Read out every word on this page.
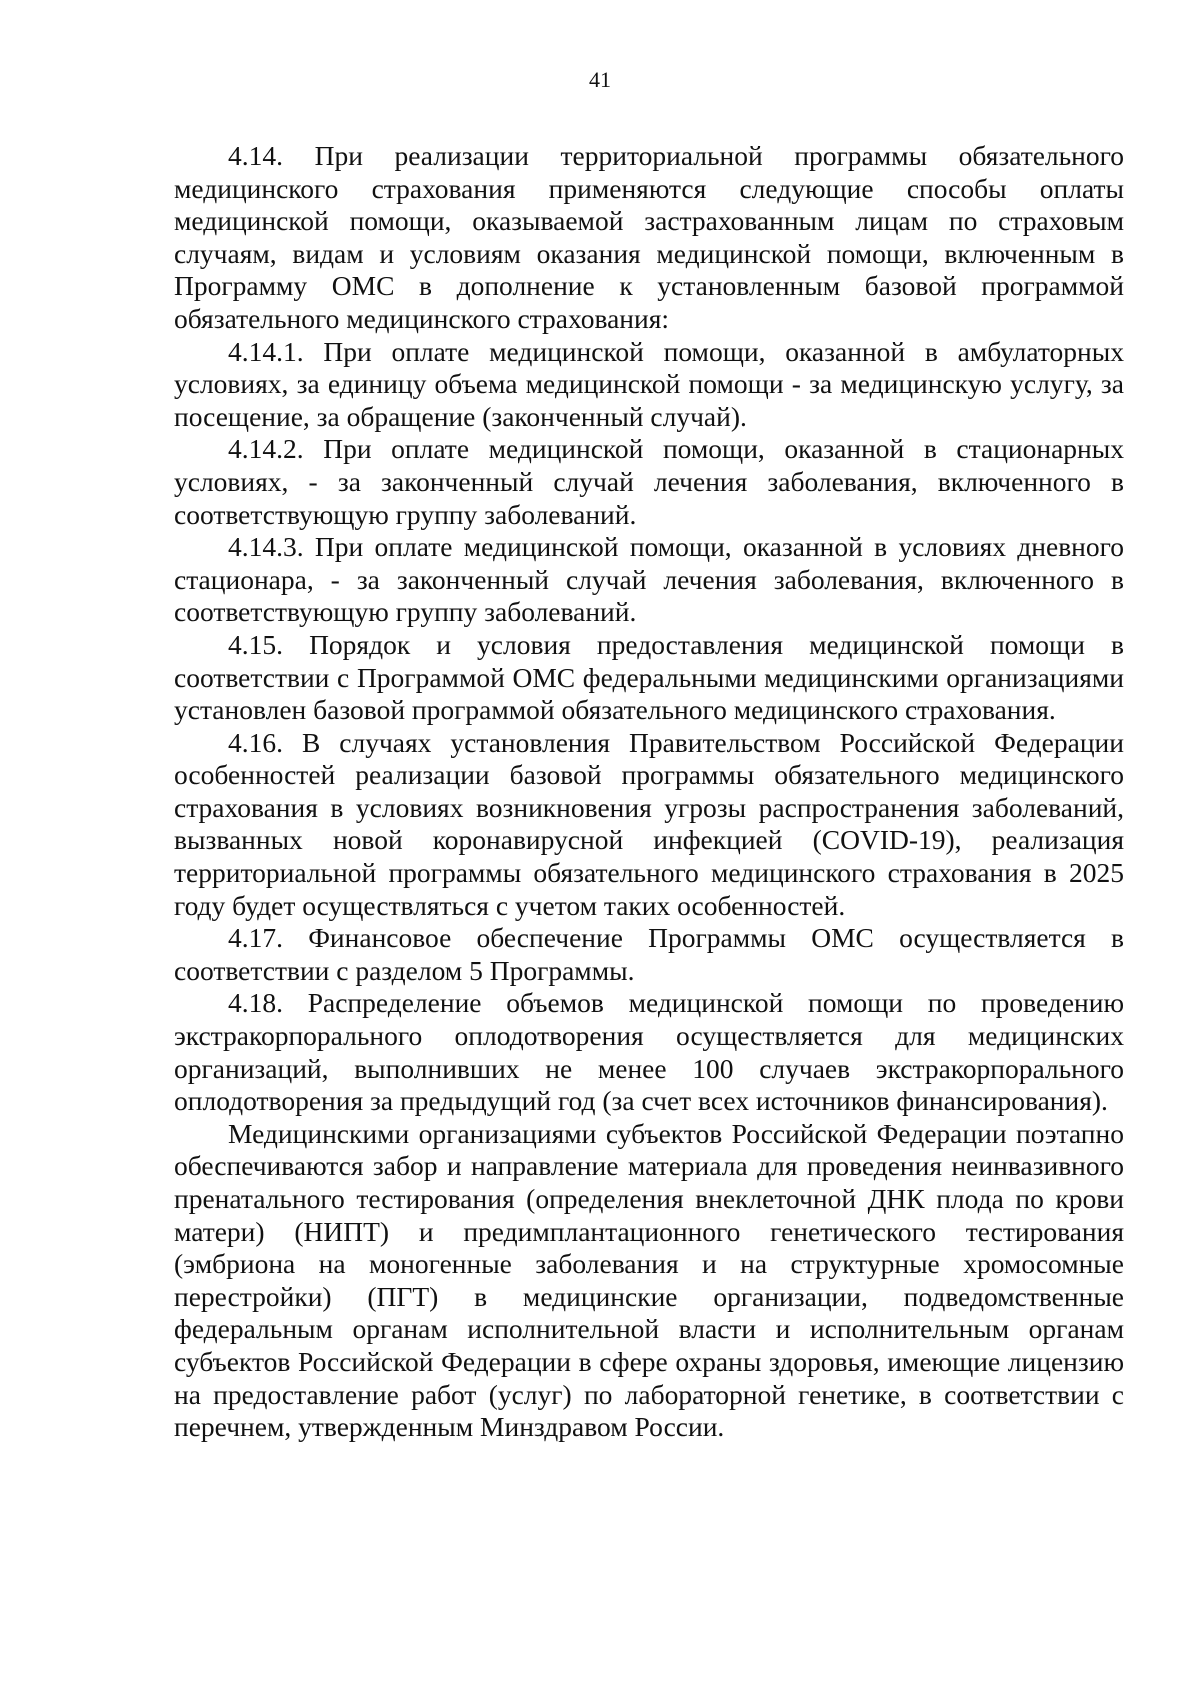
41

4.14. При реализации территориальной программы обязательного медицинского страхования применяются следующие способы оплаты медицинской помощи, оказываемой застрахованным лицам по страховым случаям, видам и условиям оказания медицинской помощи, включенным в Программу ОМС в дополнение к установленным базовой программой обязательного медицинского страхования:

4.14.1. При оплате медицинской помощи, оказанной в амбулаторных условиях, за единицу объема медицинской помощи - за медицинскую услугу, за посещение, за обращение (законченный случай).

4.14.2. При оплате медицинской помощи, оказанной в стационарных условиях, - за законченный случай лечения заболевания, включенного в соответствующую группу заболеваний.

4.14.3. При оплате медицинской помощи, оказанной в условиях дневного стационара, - за законченный случай лечения заболевания, включенного в соответствующую группу заболеваний.

4.15. Порядок и условия предоставления медицинской помощи в соответствии с Программой ОМС федеральными медицинскими организациями установлен базовой программой обязательного медицинского страхования.

4.16. В случаях установления Правительством Российской Федерации особенностей реализации базовой программы обязательного медицинского страхования в условиях возникновения угрозы распространения заболеваний, вызванных новой коронавирусной инфекцией (COVID-19), реализация территориальной программы обязательного медицинского страхования в 2025 году будет осуществляться с учетом таких особенностей.

4.17. Финансовое обеспечение Программы ОМС осуществляется в соответствии с разделом 5 Программы.

4.18. Распределение объемов медицинской помощи по проведению экстракорпорального оплодотворения осуществляется для медицинских организаций, выполнивших не менее 100 случаев экстракорпорального оплодотворения за предыдущий год (за счет всех источников финансирования).

Медицинскими организациями субъектов Российской Федерации поэтапно обеспечиваются забор и направление материала для проведения неинвазивного пренатального тестирования (определения внеклеточной ДНК плода по крови матери) (НИПТ) и предимплантационного генетического тестирования (эмбриона на моногенные заболевания и на структурные хромосомные перестройки) (ПГТ) в медицинские организации, подведомственные федеральным органам исполнительной власти и исполнительным органам субъектов Российской Федерации в сфере охраны здоровья, имеющие лицензию на предоставление работ (услуг) по лабораторной генетике, в соответствии с перечнем, утвержденным Минздравом России.
